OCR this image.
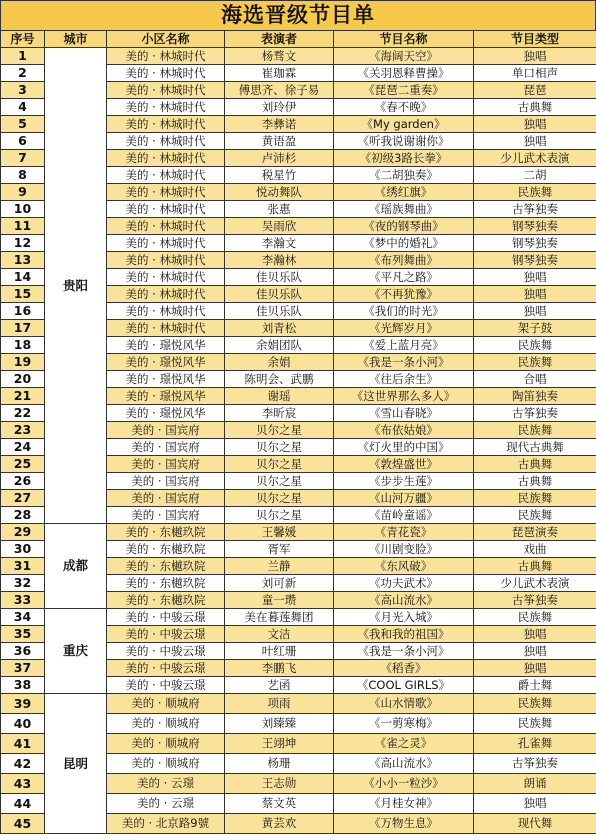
海选晋级节目单
序号	城市	小区名称	表演者	节目名称	节目类型
1	贵阳	美的 · 林城时代	杨骛文	《海阔天空》	独唱
2		美的 · 林城时代	崔珈霖	《关羽恩释曹操》	单口相声
3		美的 · 林城时代	傅思齐、徐子易	《琵琶二重奏》	琵琶
4		美的 · 林城时代	刘玲伊	《春不晚》	古典舞
5		美的 · 林城时代	李彝诺	《My garden》	独唱
6		美的 · 林城时代	黄语盈	《听我说谢谢你》	独唱
7		美的 · 林城时代	卢沛杉	《初级3路长拳》	少儿武术表演
8		美的 · 林城时代	税星竹	《二胡独奏》	二胡
9		美的 · 林城时代	悦动舞队	《绣红旗》	民族舞
10		美的 · 林城时代	张惠	《瑶族舞曲》	古筝独奏
11		美的 · 林城时代	吴雨欣	《夜的钢琴曲》	钢琴独奏
12		美的 · 林城时代	李瀚文	《梦中的婚礼》	钢琴独奏
13		美的 · 林城时代	李瀚林	《布列舞曲》	钢琴独奏
14		美的 · 林城时代	佳贝乐队	《平凡之路》	独唱
15		美的 · 林城时代	佳贝乐队	《不再犹豫》	独唱
16		美的 · 林城时代	佳贝乐队	《我们的时光》	独唱
17		美的 · 林城时代	刘青松	《光辉岁月》	架子鼓
18		美的 · 璟悦风华	余娟团队	《爱上蓝月亮》	民族舞
19		美的 · 璟悦风华	余娟	《我是一条小河》	民族舞
20		美的 · 璟悦风华	陈明会、武鹏	《往后余生》	合唱
21		美的 · 璟悦风华	谢瑶	《这世界那么多人》	陶笛独奏
22		美的 · 璟悦风华	李昕宸	《雪山春晓》	古筝独奏
23		美的 · 国宾府	贝尔之星	《布依姑娘》	民族舞
24		美的 · 国宾府	贝尔之星	《灯火里的中国》	现代古典舞
25		美的 · 国宾府	贝尔之星	《敦煌盛世》	古典舞
26		美的 · 国宾府	贝尔之星	《步步生莲》	古典舞
27		美的 · 国宾府	贝尔之星	《山河万疆》	民族舞
28		美的 · 国宾府	贝尔之星	《苗岭童谣》	民族舞
29	成都	美的 · 东樾玖院	王馨媛	《青花瓷》	琵琶演奏
30		美的 · 东樾玖院	胥军	《川剧变脸》	戏曲
31		美的 · 东樾玖院	兰静	《东风破》	古典舞
32		美的 · 东樾玖院	刘可新	《功夫武术》	少儿武术表演
33		美的 · 东樾玖院	童一瓒	《高山流水》	古筝独奏
34	重庆	美的 · 中骏云璟	美在暮莲舞团	《月光入城》	民族舞
35		美的 · 中骏云璟	文洁	《我和我的祖国》	独唱
36		美的 · 中骏云璟	叶红珊	《我是一条小河》	独唱
37		美的 · 中骏云璟	李鹏飞	《稻香》	独唱
38		美的 · 中骏云璟	艺函	《COOL GIRLS》	爵士舞
39	昆明	美的 · 顺城府	项雨	《山水情歌》	民族舞
40		美的 · 顺城府	刘臻臻	《一剪寒梅》	民族舞
41		美的 · 顺城府	王翊坤	《雀之灵》	孔雀舞
42		美的 · 顺城府	杨珊	《高山流水》	古筝独奏
43		美的 · 云璟	王志勋	《小小一粒沙》	朗诵
44		美的 · 云璟	蔡文英	《月桂女神》	独唱
45		美的 · 北京路9號	黄芸欢	《万物生息》	现代舞
